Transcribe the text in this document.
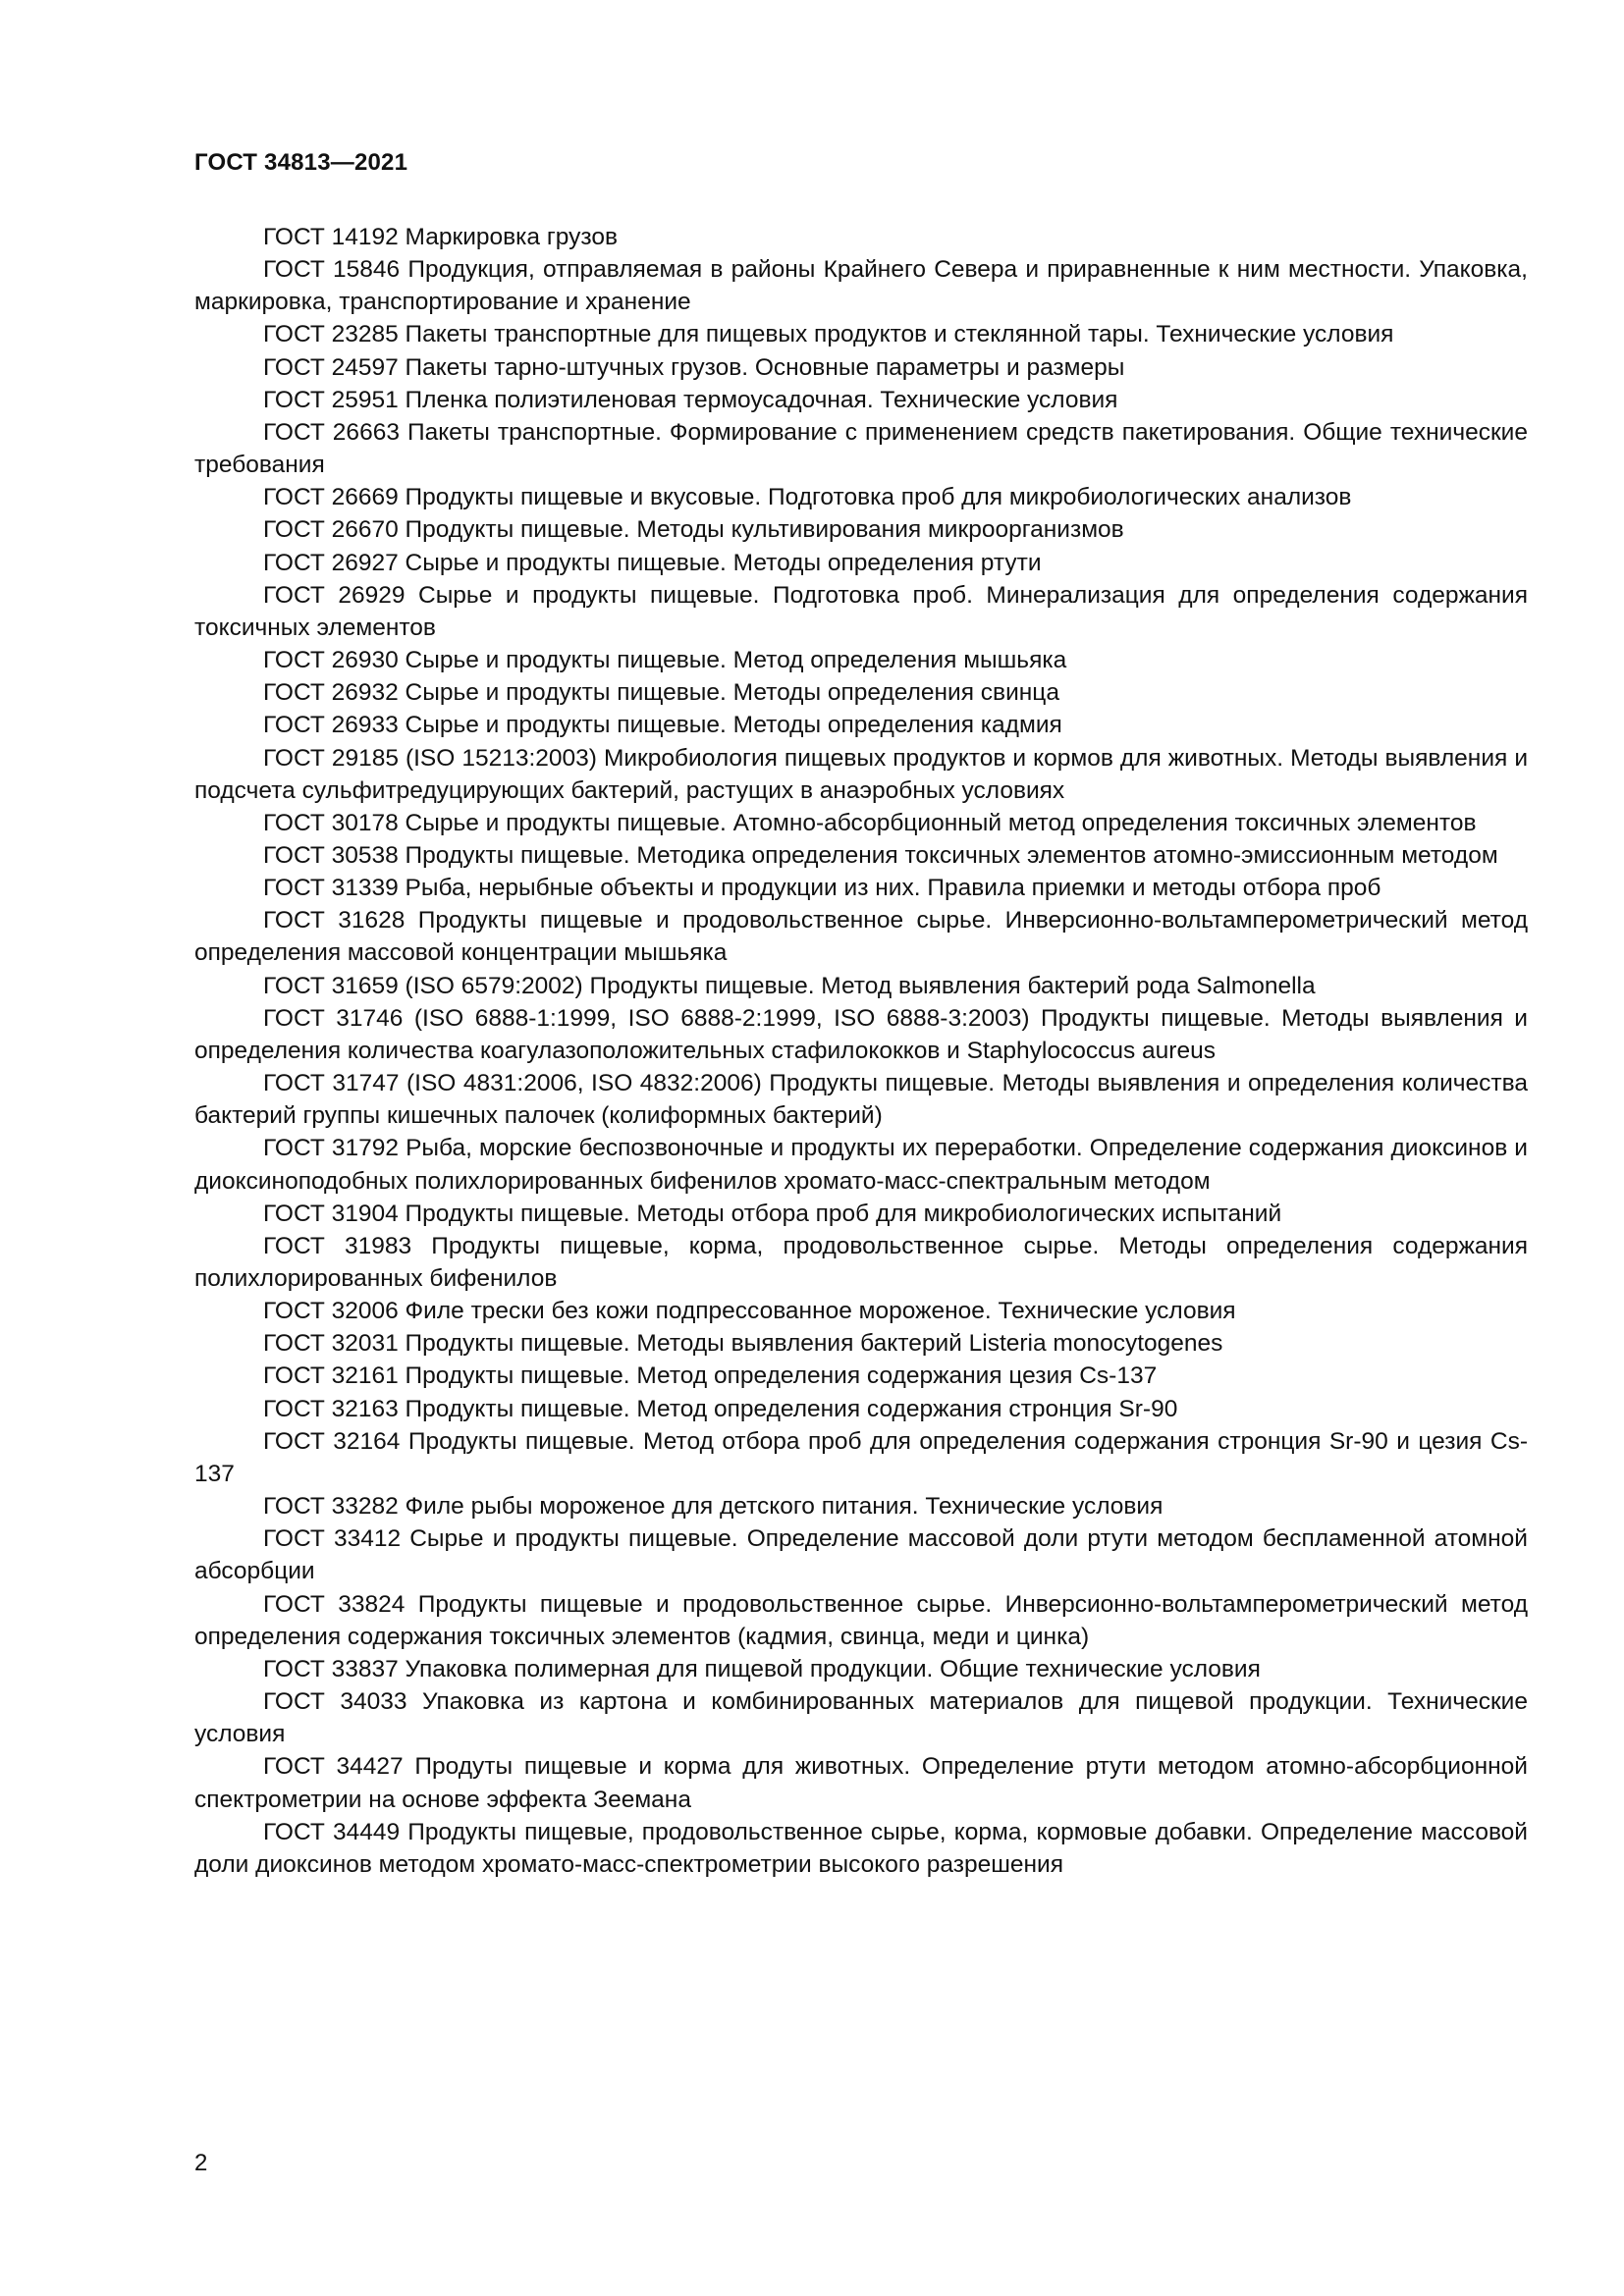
ГОСТ 34813—2021
ГОСТ 14192 Маркировка грузов
ГОСТ 15846 Продукция, отправляемая в районы Крайнего Севера и приравненные к ним местности. Упаковка, маркировка, транспортирование и хранение
ГОСТ 23285 Пакеты транспортные для пищевых продуктов и стеклянной тары. Технические условия
ГОСТ 24597 Пакеты тарно-штучных грузов. Основные параметры и размеры
ГОСТ 25951 Пленка полиэтиленовая термоусадочная. Технические условия
ГОСТ 26663 Пакеты транспортные. Формирование с применением средств пакетирования. Общие технические требования
ГОСТ 26669 Продукты пищевые и вкусовые. Подготовка проб для микробиологических анализов
ГОСТ 26670 Продукты пищевые. Методы культивирования микроорганизмов
ГОСТ 26927 Сырье и продукты пищевые. Методы определения ртути
ГОСТ 26929 Сырье и продукты пищевые. Подготовка проб. Минерализация для определения содержания токсичных элементов
ГОСТ 26930 Сырье и продукты пищевые. Метод определения мышьяка
ГОСТ 26932 Сырье и продукты пищевые. Методы определения свинца
ГОСТ 26933 Сырье и продукты пищевые. Методы определения кадмия
ГОСТ 29185 (ISO 15213:2003) Микробиология пищевых продуктов и кормов для животных. Методы выявления и подсчета сульфитредуцирующих бактерий, растущих в анаэробных условиях
ГОСТ 30178 Сырье и продукты пищевые. Атомно-абсорбционный метод определения токсичных элементов
ГОСТ 30538 Продукты пищевые. Методика определения токсичных элементов атомно-эмиссионным методом
ГОСТ 31339 Рыба, нерыбные объекты и продукции из них. Правила приемки и методы отбора проб
ГОСТ 31628 Продукты пищевые и продовольственное сырье. Инверсионно-вольтамперометрический метод определения массовой концентрации мышьяка
ГОСТ 31659 (ISO 6579:2002) Продукты пищевые. Метод выявления бактерий рода Salmonella
ГОСТ 31746 (ISO 6888-1:1999, ISO 6888-2:1999, ISO 6888-3:2003) Продукты пищевые. Методы выявления и определения количества коагулазоположительных стафилококков и Staphylococcus aureus
ГОСТ 31747 (ISO 4831:2006, ISO 4832:2006) Продукты пищевые. Методы выявления и определения количества бактерий группы кишечных палочек (колиформных бактерий)
ГОСТ 31792 Рыба, морские беспозвоночные и продукты их переработки. Определение содержания диоксинов и диоксиноподобных полихлорированных бифенилов хромато-масс-спектральным методом
ГОСТ 31904 Продукты пищевые. Методы отбора проб для микробиологических испытаний
ГОСТ 31983 Продукты пищевые, корма, продовольственное сырье. Методы определения содержания полихлорированных бифенилов
ГОСТ 32006 Филе трески без кожи подпрессованное мороженое. Технические условия
ГОСТ 32031 Продукты пищевые. Методы выявления бактерий Listeria monocytogenes
ГОСТ 32161 Продукты пищевые. Метод определения содержания цезия Cs-137
ГОСТ 32163 Продукты пищевые. Метод определения содержания стронция Sr-90
ГОСТ 32164 Продукты пищевые. Метод отбора проб для определения содержания стронция Sr-90 и цезия Cs-137
ГОСТ 33282 Филе рыбы мороженое для детского питания. Технические условия
ГОСТ 33412 Сырье и продукты пищевые. Определение массовой доли ртути методом беспламенной атомной абсорбции
ГОСТ 33824 Продукты пищевые и продовольственное сырье. Инверсионно-вольтамперометрический метод определения содержания токсичных элементов (кадмия, свинца, меди и цинка)
ГОСТ 33837 Упаковка полимерная для пищевой продукции. Общие технические условия
ГОСТ 34033 Упаковка из картона и комбинированных материалов для пищевой продукции. Технические условия
ГОСТ 34427 Продуты пищевые и корма для животных. Определение ртути методом атомно-абсорбционной спектрометрии на основе эффекта Зеемана
ГОСТ 34449 Продукты пищевые, продовольственное сырье, корма, кормовые добавки. Определение массовой доли диоксинов методом хромато-масс-спектрометрии высокого разрешения
2
